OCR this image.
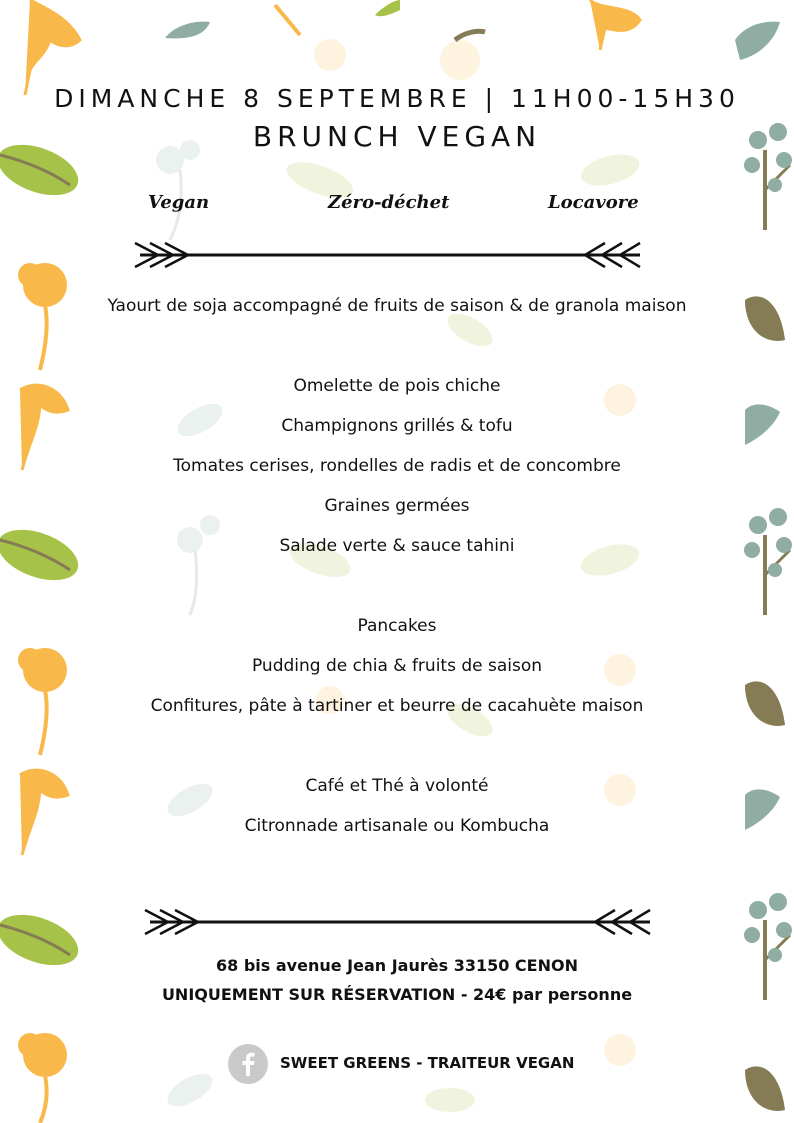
DIMANCHE 8 SEPTEMBRE | 11H00-15H30
BRUNCH VEGAN
Vegan	Zéro-déchet	Locavore
Yaourt de soja accompagné de fruits de saison & de granola maison
Omelette de pois chiche
Champignons grillés & tofu
Tomates cerises, rondelles de radis et de concombre
Graines germées
Salade verte & sauce tahini
Pancakes
Pudding de chia & fruits de saison
Confitures, pâte à tartiner et beurre de cacahuète maison
Café et Thé à volonté
Citronnade artisanale ou Kombucha
68 bis avenue Jean Jaurès 33150 CENON
UNIQUEMENT SUR RÉSERVATION - 24€ par personne
SWEET GREENS - TRAITEUR VEGAN
